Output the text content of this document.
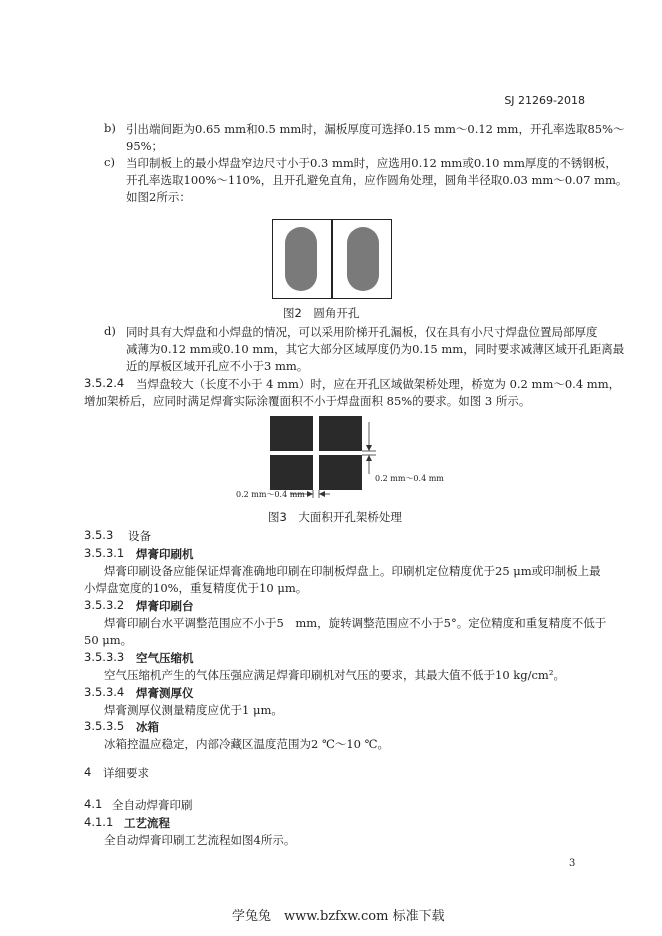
SJ 21269-2018
b) 引出端间距为0.65 mm和0.5 mm时，漏板厚度可选择0.15 mm～0.12 mm，开孔率选取85%～
95%；
c) 当印制板上的最小焊盘窄边尺寸小于0.3 mm时，应选用0.12 mm或0.10 mm厚度的不锈钢板，
开孔率选取100%～110%，且开孔避免直角，应作圆角处理，圆角半径取0.03 mm～0.07 mm。
如图2所示：
图2　圆角开孔
d) 同时具有大焊盘和小焊盘的情况，可以采用阶梯开孔漏板，仅在具有小尺寸焊盘位置局部厚度
减薄为0.12 mm或0.10 mm，其它大部分区域厚度仍为0.15 mm，同时要求减薄区域开孔距离最
近的厚板区域开孔应不小于3 mm。
3.5.2.4 当焊盘较大（长度不小于 4 mm）时，应在开孔区域做架桥处理，桥宽为 0.2 mm～0.4 mm，
增加架桥后，应同时满足焊膏实际涂覆面积不小于焊盘面积 85%的要求。如图 3 所示。
0.2 mm～0.4 mm
0.2 mm～0.4 mm
图3　大面积开孔架桥处理
3.5.3 设备
3.5.3.1 焊膏印刷机
焊膏印刷设备应能保证焊膏准确地印刷在印制板焊盘上。印刷机定位精度优于25 μm或印制板上最
小焊盘宽度的10%，重复精度优于10 μm。
3.5.3.2 焊膏印刷台
焊膏印刷台水平调整范围应不小于5　mm，旋转调整范围应不小于5°。定位精度和重复精度不低于
50 μm。
3.5.3.3 空气压缩机
空气压缩机产生的气体压强应满足焊膏印刷机对气压的要求，其最大值不低于10 kg/cm²。
3.5.3.4 焊膏测厚仪
焊膏测厚仪测量精度应优于1 μm。
3.5.3.5 冰箱
冰箱控温应稳定，内部冷藏区温度范围为2 ℃～10 ℃。
4 详细要求
4.1 全自动焊膏印刷
4.1.1 工艺流程
全自动焊膏印刷工艺流程如图4所示。
3
学兔兔　www.bzfxw.com 标准下载
